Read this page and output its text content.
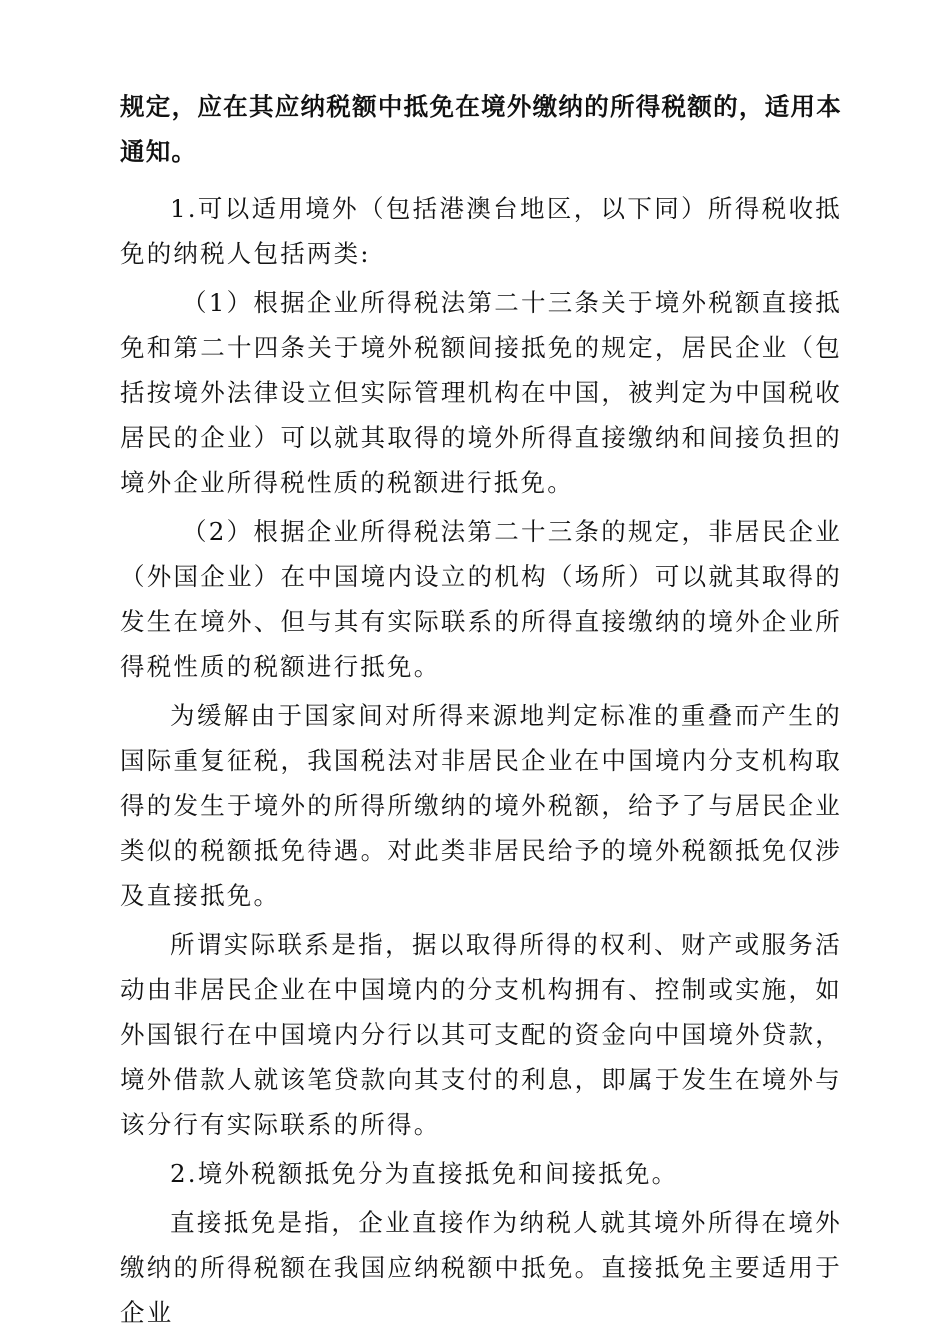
规定，应在其应纳税额中抵免在境外缴纳的所得税额的，适用本通知。

1.可以适用境外（包括港澳台地区，以下同）所得税收抵免的纳税人包括两类:

（1）根据企业所得税法第二十三条关于境外税额直接抵免和第二十四条关于境外税额间接抵免的规定，居民企业（包括按境外法律设立但实际管理机构在中国，被判定为中国税收居民的企业）可以就其取得的境外所得直接缴纳和间接负担的境外企业所得税性质的税额进行抵免。

（2）根据企业所得税法第二十三条的规定，非居民企业（外国企业）在中国境内设立的机构（场所）可以就其取得的发生在境外、但与其有实际联系的所得直接缴纳的境外企业所得税性质的税额进行抵免。

为缓解由于国家间对所得来源地判定标准的重叠而产生的国际重复征税，我国税法对非居民企业在中国境内分支机构取得的发生于境外的所得所缴纳的境外税额，给予了与居民企业类似的税额抵免待遇。对此类非居民给予的境外税额抵免仅涉及直接抵免。

所谓实际联系是指，据以取得所得的权利、财产或服务活动由非居民企业在中国境内的分支机构拥有、控制或实施，如外国银行在中国境内分行以其可支配的资金向中国境外贷款，境外借款人就该笔贷款向其支付的利息，即属于发生在境外与该分行有实际联系的所得。

2.境外税额抵免分为直接抵免和间接抵免。

直接抵免是指，企业直接作为纳税人就其境外所得在境外缴纳的所得税额在我国应纳税额中抵免。直接抵免主要适用于企业
